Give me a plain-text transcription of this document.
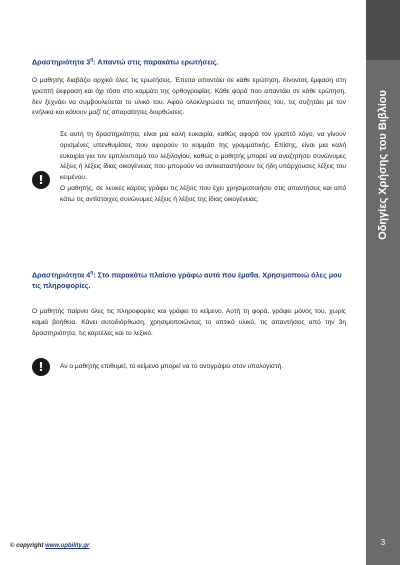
Οδηγίες Χρήσης του Βιβλίου
3
Δραστηριότητα $3^\eta$: Απαντώ στις παρακάτω ερωτήσεις.
Ο μαθητής διαβάζει αρχικά όλες τις ερωτήσεις. Έπειτα απαντάει σε κάθε ερώτηση, δίνοντας έμφαση στη γραπτή έκφραση και όχι τόσο στο κομμάτι της ορθογραφίας. Κάθε φορά που απαντάει σε κάθε ερώτηση, δεν ξεχνάει να συμβουλεύεται το υλικό του. Αφού ολοκληρώσει τις απαντήσεις του, τις συζητάει με τον ενήλικα και κάνουν μαζί τις απαραίτητες διορθώσεις.
!
Σε αυτή τη δραστηριότητα, είναι μια καλή ευκαιρία, καθώς αφορά τον γραπτό λόγο, να γίνουν ορισμένες υπενθυμίσεις που αφορούν το κομμάτι της γραμματικής. Επίσης, είναι μια καλή ευκαιρία για τον εμπλουτισμό του λεξιλογίου, καθώς ο μαθητής μπορεί να αναζητήσει συνώνυμες λέξεις ή λέξεις ίδιας οικογένειας που μπορούν να αντικαταστήσουν τις ήδη υπάρχουσες λέξεις του κειμένου.
Ο μαθητής, σε λευκές κάρτες γράφει τις λέξεις που έχει χρησιμοποιήσει στις απαντήσεις και από κάτω τις αντίστοιχες συνώνυμες λέξεις ή λέξεις της ίδιας οικογένειας.
Δραστηριότητα $4^\eta$: Στο παρακάτω πλαίσιο γράφω αυτά που έμαθα. Χρησιμοποιώ όλες μου τις πληροφορίες.
Ο μαθητής παίρνει όλες τις πληροφορίες και γράφει το κείμενο. Αυτή τη φορά, γράφει μόνος του, χωρίς καμιά βοήθεια. Κάνει αυτοδιόρθωση, χρησιμοποιώντας το οπτικό υλικό, τις απαντήσεις από την 3η δραστηριότητα, τις καρτέλες και το λεξικό.
! Αν ο μαθητής επιθυμεί, το κείμενο μπορεί να το αντιγράψει στον υπολογιστή.
© copyright www.upbility.gr
